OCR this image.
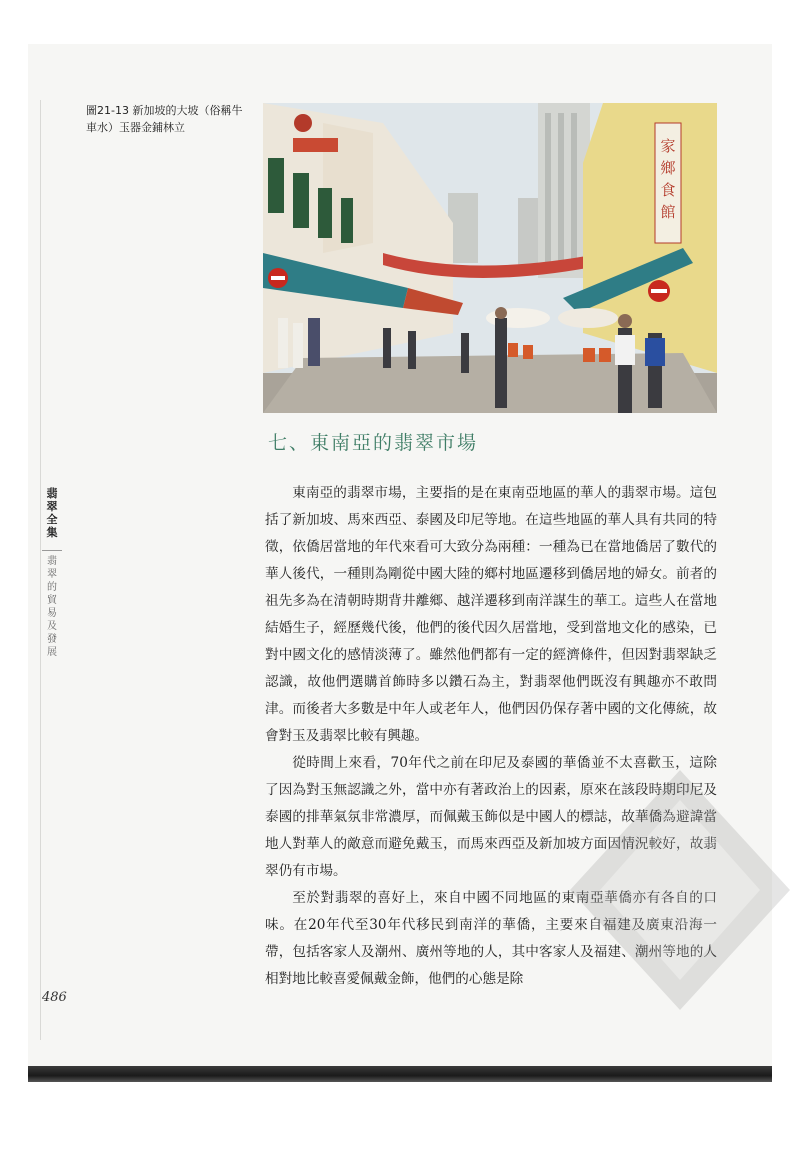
圖21-13 新加坡的大坡（俗稱牛車水）玉器金鋪林立
家
鄉
食
館
七、東南亞的翡翠市場
翡翠全集
翡翠的貿易及發展

東南亞的翡翠市場，主要指的是在東南亞地區的華人的翡翠市場。這包括了新加坡、馬來西亞、泰國及印尼等地。在這些地區的華人具有共同的特徵，依僑居當地的年代來看可大致分為兩種：一種為已在當地僑居了數代的華人後代，一種則為剛從中國大陸的鄉村地區遷移到僑居地的婦女。前者的祖先多為在清朝時期背井離鄉、越洋遷移到南洋謀生的華工。這些人在當地結婚生子，經歷幾代後，他們的後代因久居當地，受到當地文化的感染，已對中國文化的感情淡薄了。雖然他們都有一定的經濟條件，但因對翡翠缺乏認識，故他們選購首飾時多以鑽石為主，對翡翠他們既沒有興趣亦不敢問津。而後者大多數是中年人或老年人，他們因仍保存著中國的文化傳統，故會對玉及翡翠比較有興趣。

從時間上來看，70年代之前在印尼及泰國的華僑並不太喜歡玉，這除了因為對玉無認識之外，當中亦有著政治上的因素，原來在該段時期印尼及泰國的排華氣氛非常濃厚，而佩戴玉飾似是中國人的標誌，故華僑為避諱當地人對華人的敵意而避免戴玉，而馬來西亞及新加坡方面因情況較好，故翡翠仍有市場。

至於對翡翠的喜好上，來自中國不同地區的東南亞華僑亦有各自的口味。在20年代至30年代移民到南洋的華僑，主要來自福建及廣東沿海一帶，包括客家人及潮州、廣州等地的人，其中客家人及福建、潮州等地的人相對地比較喜愛佩戴金飾，他們的心態是除

486
